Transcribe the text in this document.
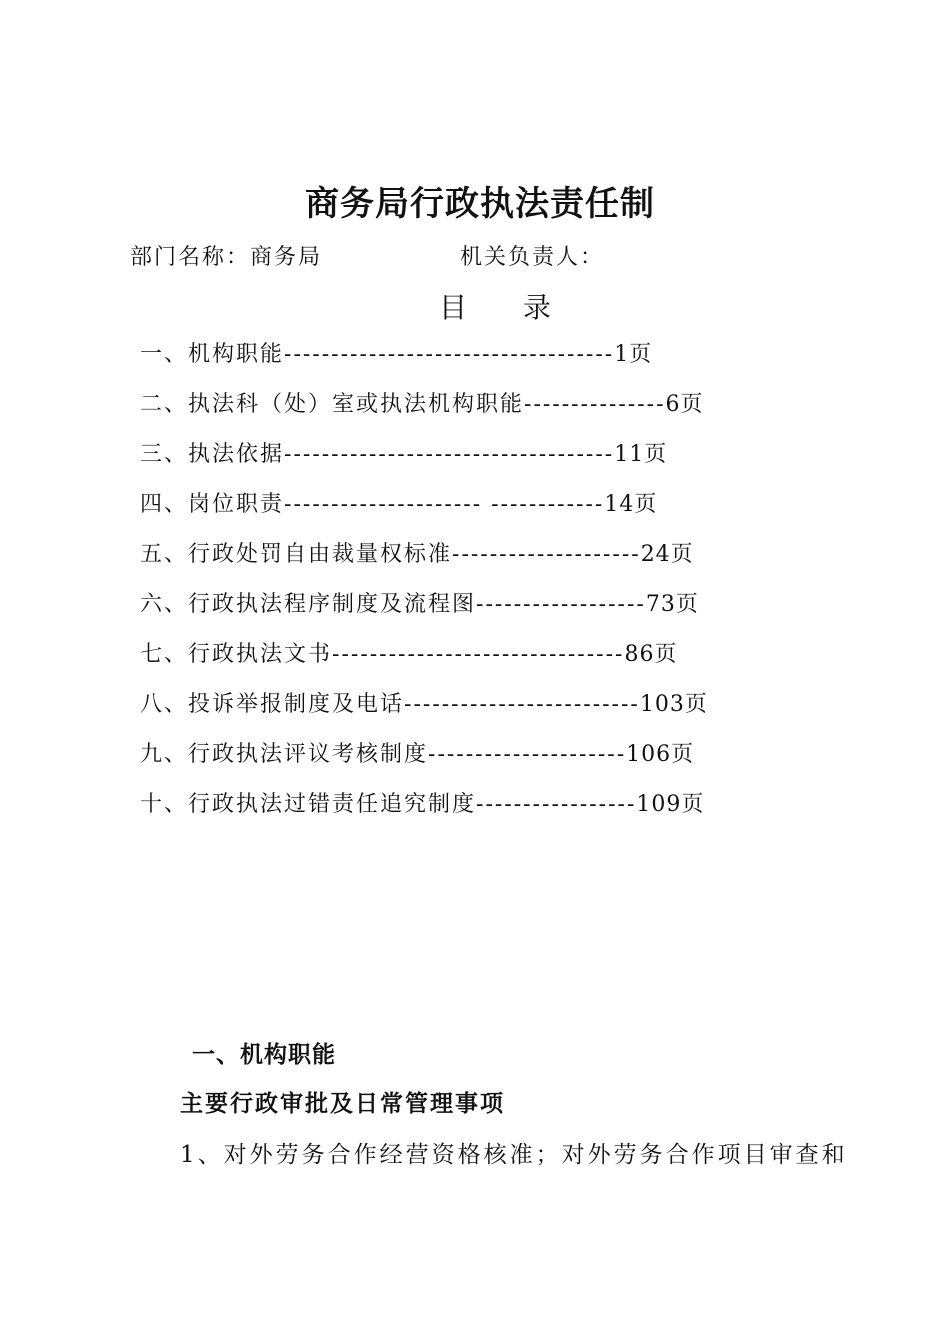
商务局行政执法责任制
部门名称：商务局	机关负责人：
目 录
一、机构职能-----------------------------------1页
二、执法科（处）室或执法机构职能---------------6页
三、执法依据-----------------------------------11页
四、岗位职责--------------------- ------------14页
五、行政处罚自由裁量权标准--------------------24页
六、行政执法程序制度及流程图------------------73页
七、行政执法文书-------------------------------86页
八、投诉举报制度及电话-------------------------103页
九、行政执法评议考核制度---------------------106页
十、行政执法过错责任追究制度-----------------109页
一、机构职能
主要行政审批及日常管理事项
1、对外劳务合作经营资格核准；对外劳务合作项目审查和
